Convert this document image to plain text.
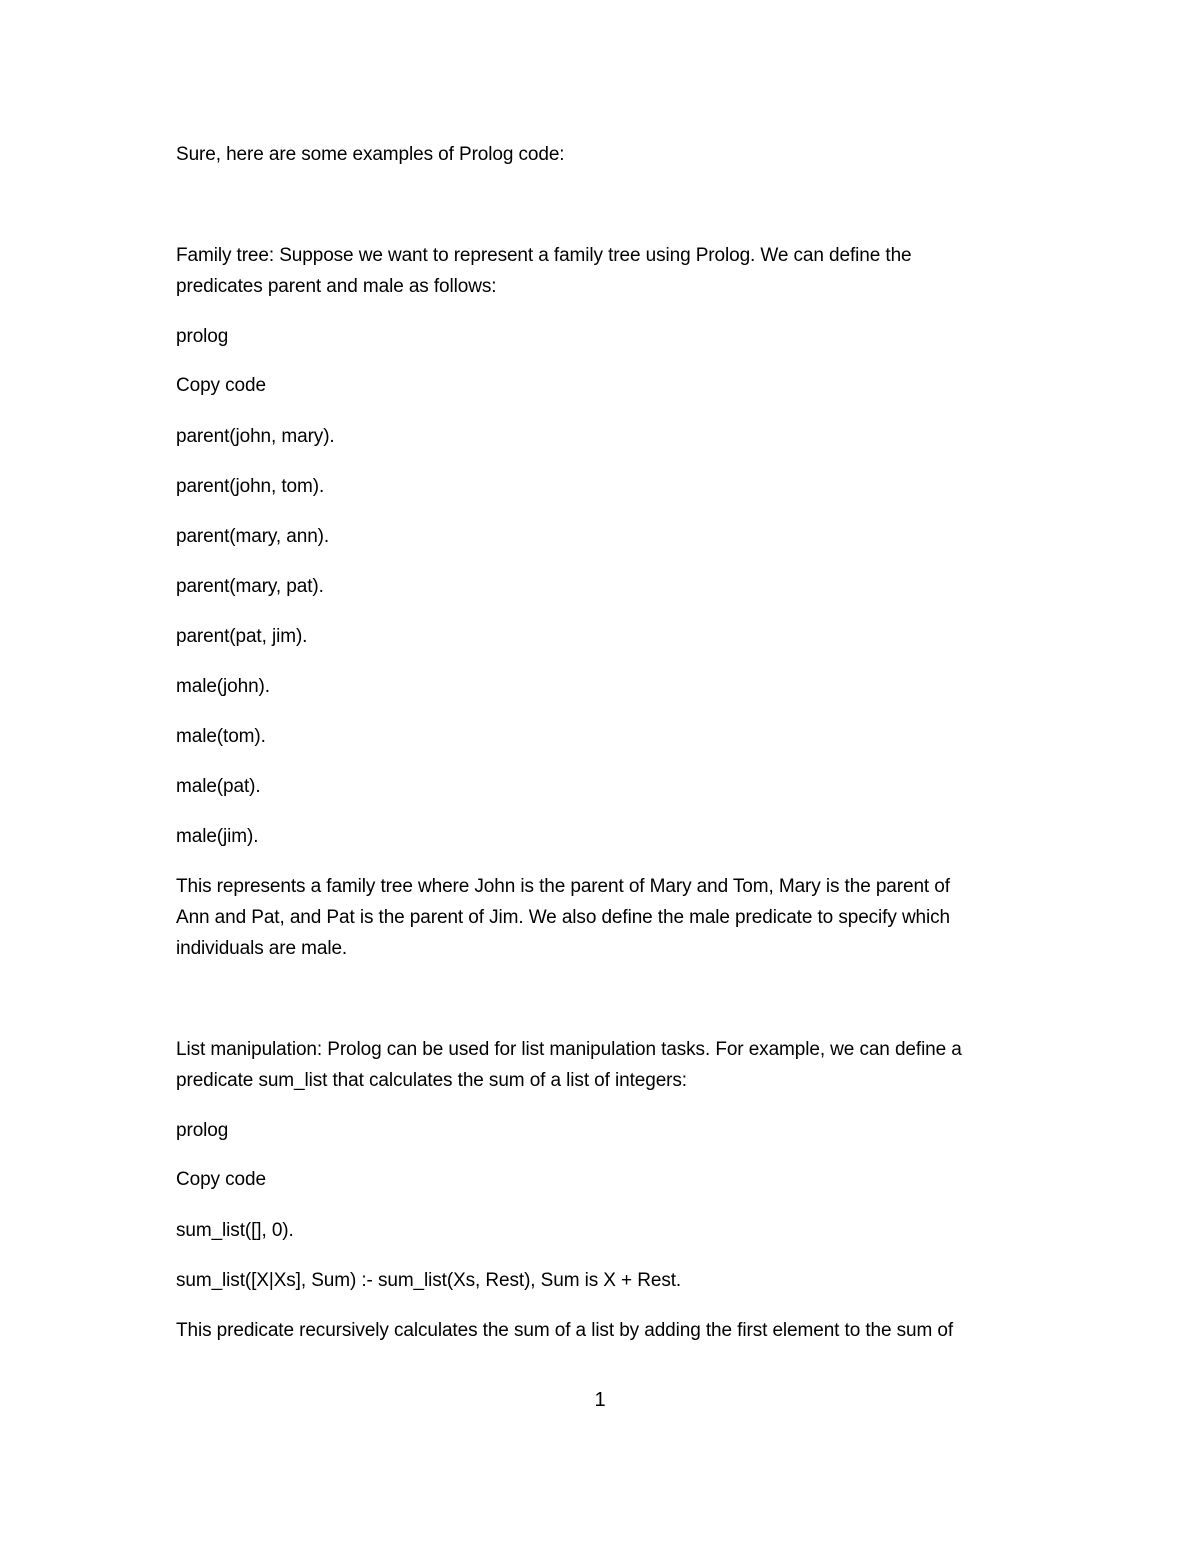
Sure, here are some examples of Prolog code:
Family tree: Suppose we want to represent a family tree using Prolog. We can define the
predicates parent and male as follows:
prolog
Copy code
parent(john, mary).
parent(john, tom).
parent(mary, ann).
parent(mary, pat).
parent(pat, jim).
male(john).
male(tom).
male(pat).
male(jim).
This represents a family tree where John is the parent of Mary and Tom, Mary is the parent of
Ann and Pat, and Pat is the parent of Jim. We also define the male predicate to specify which
individuals are male.
List manipulation: Prolog can be used for list manipulation tasks. For example, we can define a
predicate sum_list that calculates the sum of a list of integers:
prolog
Copy code
sum_list([], 0).
sum_list([X|Xs], Sum) :- sum_list(Xs, Rest), Sum is X + Rest.
This predicate recursively calculates the sum of a list by adding the first element to the sum of
1
